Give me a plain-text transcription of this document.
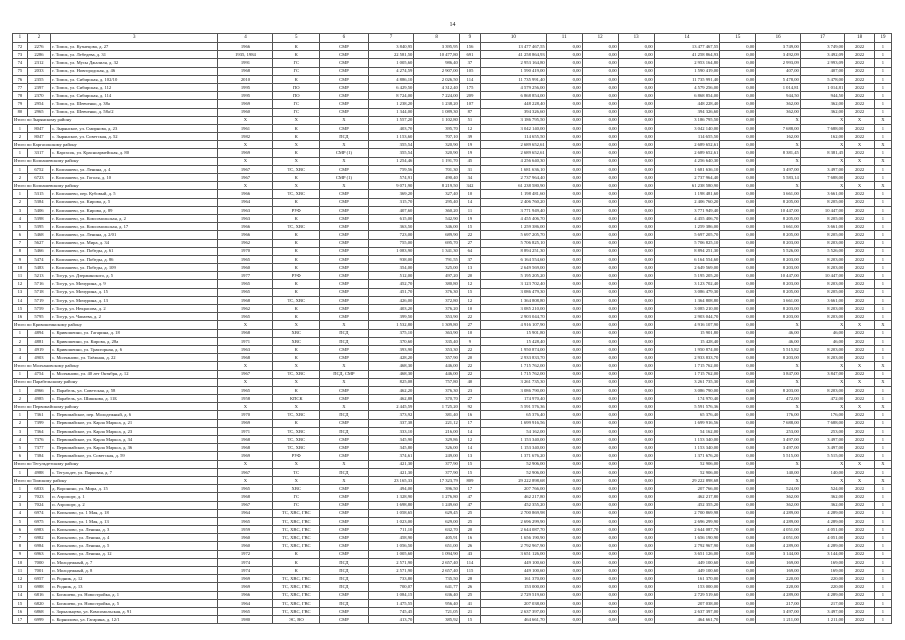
14
1	2	3	4	5	6	7	8	9	10	11	12	13	14	15	16	17	18	19
72	2276	г. Томск, ул. Кузнецова, д. 27	1966	К	СМР	3 840,95	3 395,95	156	13 477 467,55	0,00	0,00	0,00	13 477 467,55	0,00	3 749,00	3 749,00	2022	1
73	2286	г. Томск, ул. Лебедева, д. 31	1935, 1984	К	СМР	22 581,50	10 477,80	691	41 258 864,93	0,00	0,00	0,00	41 258 864,93	0,00	3 492,09	3 492,09	2022	1
74	2312	г. Томск, ул. Мусы Джалиля, д. 32	1991	ГС	СМР	1 005,60	986,40	37	2 953 164,80	0,00	0,00	0,00	2 953 164,80	0,00	2 993,09	2 993,09	2022	1
75	2033	г. Томск, ул. Новгородская, д. 46	1968	ГС	СМР	4 274,59	2 907,00	105	1 590 419,00	0,00	0,00	0,00	1 590 419,00	0,00	407,00	407,00	2022	1
76	2355	г. Томск, ул. Сибирская, д. 102/10	2010	К	СМР	4 886,10	2 026,50	114	11 735 991,40	0,00	0,00	0,00	11 735 991,40	0,00	5 478,00	5 478,00	2022	1
77	2397	г. Томск, ул. Сибирская, д. 112	1995	ПО	СМР	6 429,50	4 312,40	175	4 579 256,00	0,00	0,00	0,00	4 579 256,00	0,00	1 014,81	1 014,81	2022	1
78	2370	г. Томск, ул. Сибирская, д. 114	1995	ПО	СМР	8 724,00	7 224,00	209	6 868 854,00	0,00	0,00	0,00	6 868 854,00	0,00	944,50	944,50	2022	1
79	2954	г. Томск, ул. Шевченко, д. 38а	1969	ГС	СМР	1 238,20	1 238,20	107	448 228,40	0,00	0,00	0,00	448 228,40	0,00	362,00	362,00	2022	1
80	2965	г. Томск, ул. Шевченко, д. 58а/2	1960	ГС	СМР	1 344,00	1 089,30	87	394 326,60	0,00	0,00	0,00	394 326,60	0,00	362,00	362,00	2022	1
Итого по Зырянскому району			Х	Х	Х	1 557,20	1 102,80	51	3 186 795,50	0,00	0,00	0,00	3 186 795,50	0,00	Х	Х	Х	Х
1	8047	с. Зырянское, ул. Смирнова, д. 23	1961	К	СМР	403,70	395,70	12	3 042 140,00	0,00	0,00	0,00	3 042 140,00	0,00	7 688,00	7 688,00	2022	1
2	8047	с. Зырянское, ул. Советская, д. 52	1982	К	ПСД	1 153,60	707,10	39	114 655,50	0,00	0,00	0,00	114 655,50	0,00	162,00	162,00	2022	1
Итого по Каргасокскому району			Х	Х	Х	355,54	320,90	19	2 689 652,61	0,00	0,00	0,00	2 689 652,61	0,00	Х	Х	Х	Х
1	3317	с. Каргасок, ул. Красноармейская, д. 80	1969	К	СМР (1)	355,54	320,90	19	2 689 652,61	0,00	0,00	0,00	2 689 652,61	0,00	8 381,45	8 381,45	2022	1
Итого по Колпашевскому району			Х	Х	Х	1 254,46	1 191,70	45	4 256 640,30	0,00	0,00	0,00	4 256 640,30	0,00	Х	Х	Х	Х
1	6752	г. Колпашево, ул. Ленина, д. 4	1967	ТС, ХВС	СМР	759,56	701,30	31	1 681 636,10	0,00	0,00	0,00	1 681 636,10	0,00	3 497,00	3 497,00	2022	1
2	6723	г. Колпашево, ул. Гоголя, д. 10	1967	К	СМР (1)	574,91	490,40	34	2 737 964,40	0,00	0,00	0,00	2 737 964,40	0,00	5 583,14	7 688,00	2022	1
Итого по Колпашевскому району			Х	Х	Х	9 071,90	8 219,50	342	61 238 580,90	0,00	0,00	0,00	61 238 580,90	0,00	Х	Х	Х	Х
1	5315	г. Колпашево, пер. Кубовый, д. 5	1966	ТС, ХВС	СМР	369,20	327,40	10	1 198 481,60	0,00	0,00	0,00	1 198 481,60	0,00	3 661,00	3 661,00	2022	1
2	5384	г. Колпашево, ул. Кирова, д. 5	1964	К	СМР	315,70	295,40	14	2 406 760,20	0,00	0,00	0,00	2 406 760,20	0,00	8 205,00	8 205,00	2022	1
3	5406	г. Колпашево, ул. Кирова, д. 89	1963	РУФ	СМР	407,60	360,20	11	3 771 949,40	0,00	0,00	0,00	3 771 949,40	0,00	10 447,00	10 447,00	2022	1
4	5398	г. Колпашево, ул. Комсомольская, д. 2	1963	К	СМР	615,00	542,90	19	4 455 406,70	0,00	0,00	0,00	4 455 406,70	0,00	8 205,00	8 205,00	2022	1
5	5395	г. Колпашево, ул. Комсомольская, д. 17	1966	ТС, ХВС	СМР	363,50	346,00	15	1 259 386,00	0,00	0,00	0,00	1 259 386,00	0,00	3 661,00	3 661,00	2022	1
6	5468	г. Колпашево, ул. Ленина, д. 2/01	1966	К	СМР	723,00	689,90	22	5 697 205,70	0,00	0,00	0,00	5 697 205,70	0,00	8 205,00	8 205,00	2022	1
7	5627	г. Колпашево, ул. Мира, д. 34	1962	К	СМР	755,00	695,70	27	5 706 825,10	0,00	0,00	0,00	5 706 825,10	0,00	8 203,00	8 203,00	2022	1
8	5466	г. Колпашево, ул. Победы, д. 61	1970	К	СМР	1 083,90	1 341,30	64	8 894 251,30	0,00	0,00	0,00	8 894 251,30	0,00	5 526,00	5 526,00	2022	1
9	5474	г. Колпашево, ул. Победы, д. 86	1965	К	СМР	938,00	791,55	37	6 164 554,60	0,00	0,00	0,00	6 164 554,60	0,00	8 203,00	8 203,00	2022	1
10	5483	г. Колпашево, ул. Победы, д. 109	1960	К	СМР	354,00	325,00	13	2 649 569,00	0,00	0,00	0,00	2 649 569,00	0,00	8 203,00	8 203,00	2022	1
11	5213	г. Тогур, ул. Дзержинского, д. 5	1977	РУФ	СМР	512,00	497,20	20	5 195 205,20	0,00	0,00	0,00	5 195 205,20	0,00	10 447,00	10 447,00	2022	1
12	5716	г. Тогур, ул. Мичурина, д. 9	1965	К	СМР	452,70	380,80	12	3 123 702,40	0,00	0,00	0,00	3 123 702,40	0,00	8 203,00	8 203,00	2022	1
13	5718	г. Тогур, ул. Мичурина, д. 15	1965	К	СМР	451,70	376,30	15	3 086 479,30	0,00	0,00	0,00	3 086 479,30	0,00	8 205,00	8 205,00	2022	1
14	5719	г. Тогур, ул. Мичурина, д. 13	1968	ТС, ХВС	СМР	426,00	372,80	12	1 364 808,80	0,00	0,00	0,00	1 364 808,80	0,00	3 661,00	3 661,00	2022	1
15	5759	г. Тогур, ул. Некрасова, д. 2	1962	К	СМР	403,20	376,20	10	3 085 210,00	0,00	0,00	0,00	3 085 210,00	0,00	8 203,00	8 203,00	2022	1
16	5795	г. Тогур, ул. Чапаева, д. 2	1965	К	СМР	399,50	353,90	22	2 903 044,70	0,00	0,00	0,00	2 903 044,70	0,00	8 203,00	8 203,00	2022	1
Итого по Кривошеинскому району			Х	Х	Х	1 532,80	1 309,80	27	4 916 107,90	0,00	0,00	0,00	4 916 107,90	0,00	Х	Х	Х	Х
1	4894	с. Кривошеино, ул. Гагарина, д. 18	1968	ХВС	ПСД	375,10	363,90	10	15 901,80	0,00	0,00	0,00	15 901,80	0,00	46,00	46,00	2022	1
2	4881	с. Кривошеино, ул. Кирова, д. 28а	1971	ХВС	ПСД	370,60	335,40	9	15 428,40	0,00	0,00	0,00	15 428,40	0,00	46,00	46,00	2022	1
3	4919	с. Кривошеино, ул. Тракторная, д. 6	1963	К	СМР	393,90	353,30	22	1 950 874,00	0,00	0,00	0,00	1 950 874,00	0,00	5 515,82	8 203,00	2022	1
4	4903	с. Молчаново, ул. Таёжная, д. 22	1968	К	СМР	428,20	357,90	20	2 933 833,70	0,00	0,00	0,00	2 933 833,70	0,00	8 203,00	8 203,00	2022	1
Итого по Молчановскому району			Х	Х	Х	468,30	446,00	22	1 715 762,00	0,00	0,00	0,00	1 715 762,00	0,00	Х	Х	Х	Х
1	4754	с. Молчаново, ул. 40 лет Октября, д. 12	1967	ТС, ХВС	ПСД, СМР	468,30	446,00	22	1 715 762,00	0,00	0,00	0,00	1 715 762,00	0,00	3 847,00	3 847,00	2022	1
Итого по Парабельскому району			Х	Х	Х	825,08	757,80	40	3 261 735,30	0,00	0,00	0,00	3 261 735,30	0,00	Х	Х	Х	Х
1	4966	с. Парабель, ул. Советская, д. 58	1965	К	СМР	462,20	376,30	23	3 086 790,00	0,00	0,00	0,00	3 086 790,00	0,00	8 203,00	8 203,00	2022	1
2	4985	с. Парабель, ул. Шишкова, д. 11Б	1958	КПСК	СМР	462,88	370,70	27	174 970,40	0,00	0,00	0,00	174 970,40	0,00	472,00	472,00	2022	1
Итого по Первомайскому району			Х	Х	Х	2 445,59	1 725,20	92	5 591 576,36	0,00	0,00	0,00	5 591 576,36	0,00	Х	Х	Х	Х
1	7361	с. Первомайское, пер. Молодежный, д. 6	1970	ТС, ХВС	ПСД	373,92	381,40	16	65 376,40	0,00	0,00	0,00	65 376,40	0,00	176,00	176,00	2022	1
2	7399	с. Первомайское, ул. Карла Маркса, д. 21	1969	К	СМР	337,38	221,12	17	1 699 916,56	0,00	0,00	0,00	1 699 916,56	0,00	7 688,00	7 688,00	2022	1
3	7364	с. Первомайское, ул. Карла Маркса, д. 23	1971	ТС, ХВС	ПСД	333,10	216,00	14	54 162,00	0,00	0,00	0,00	54 162,00	0,00	253,00	253,00	2022	1
4	7376	с. Первомайское, ул. Карла Маркса, д. 34	1968	ТС, ХВС	СМР	345,90	329,86	12	1 153 340,00	0,00	0,00	0,00	1 153 340,00	0,00	3 497,00	3 497,00	2022	1
5	7377	с. Первомайское, ул. Карла Маркса, д. 36	1968	ТС, ХВС	СМР	345,80	326,00	14	1 153 340,00	0,00	0,00	0,00	1 153 340,00	0,00	3 497,00	3 497,00	2022	1
6	7384	с. Первомайское, ул. Советская, д. 59	1969	РУФ	СМР	374,61	249,00	13	1 371 676,20	0,00	0,00	0,00	1 371 676,20	0,00	5 515,00	5 515,00	2022	1
Итого по Тегульдетскому району			Х	Х	Х	421,30	377,90	15	52 906,00	0,00	0,00	0,00	52 906,00	0,00	Х	Х	Х	Х
1	4988	с. Тегульдет, ул. Парковая, д. 7	1967	ТС	ПСД	421,30	377,90	15	52 906,00	0,00	0,00	0,00	52 906,00	0,00	140,00	140,00	2022	1
Итого по Томскому району			Х	Х	Х	23 165,33	17 323,79	809	29 222 898,68	0,00	0,00	0,00	29 222 898,68	0,00	Х	Х	Х	Х
1	6833	д. Воронино, ул. Мира, д. 15	1965	ХВС	СМР	494,00	396,50	17	207 766,00	0,00	0,00	0,00	207 766,00	0,00	524,00	524,00	2022	1
2	7023	п. Аэропорт, д. 1	1968	ГС	СМР	1 328,90	1 276,80	47	462 217,80	0,00	0,00	0,00	462 217,80	0,00	362,00	362,00	2022	1
3	7024	п. Аэропорт, д. 2	1967	ГС	СМР	1 698,80	1 249,60	47	452 355,20	0,00	0,00	0,00	452 355,20	0,00	362,00	362,00	2022	1
4	6974	п. Копылово, ул. 1 Мая, д. 18	1964	ТС, ХВС, ГВС	СМР	1 058,65	629,45	25	2 700 869,98	0,00	0,00	0,00	2 700 869,98	0,00	4 289,00	4 289,00	2022	1
5	6975	п. Копылово, ул. 1 Мая, д. 13	1965	ТС, ХВС, ГВС	СМР	1 023,00	629,00	25	2 696 299,90	0,00	0,00	0,00	2 696 299,90	0,00	4 289,00	4 289,00	2022	1
6	6983	п. Копылово, ул. Ленина, д. 3	1959	ТС, ХВС, ГВС	СМР	711,10	632,70	20	2 644 087,70	0,00	0,00	0,00	2 644 087,70	0,00	4 051,00	4 051,00	2022	1
7	6982	п. Копылово, ул. Ленина, д. 4	1960	ТС, ХВС, ГВС	СМР	458,90	405,91	16	1 656 190,90	0,00	0,00	0,00	1 656 190,90	0,00	4 051,00	4 051,00	2022	1
8	6984	п. Копылово, ул. Ленина, д. 5	1960	ТС, ХВС, ГВС	СМР	1 056,50	651,00	26	2 792 967,90	0,00	0,00	0,00	2 792 967,90	0,00	4 289,00	4 289,00	2022	1
9	6963	п. Копылово, ул. Ленина, д. 12	1972	К	СМР	1 005,60	1 094,90	43	3 651 126,00	0,00	0,00	0,00	3 651 126,00	0,00	3 144,00	3 144,00	2022	1
10	7000	п. Молодежный, д. 7	1974	К	ПСД	2 571,90	2 657,40	114	449 100,60	0,00	0,00	0,00	449 100,60	0,00	169,00	169,00	2022	1
11	7001	п. Молодежный, д. 8	1974	К	ПСД	2 571,90	2 657,40	115	449 100,60	0,00	0,00	0,00	449 100,60	0,00	169,00	169,00	2022	1
12	6957	п. Родник, д. 12	1969	ТС, ХВС, ГВС	ПСД	733,80	735,50	28	161 370,00	0,00	0,00	0,00	161 370,00	0,00	220,00	220,00	2022	1
13	6988	п. Родник, д. 13	1969	ТС, ХВС, ГВС	ПСД	700,07	641,77	26	153 000,00	0,00	0,00	0,00	153 000,00	0,00	220,00	220,00	2022	1
14	6816	с. Богашево, ул. Новостройка, д. 1	1966	ТС, ХВС, ГВС	СМР	1 084,15	636,40	25	2 729 519,60	0,00	0,00	0,00	2 729 519,60	0,00	4 289,00	4 289,00	2022	1
15	6820	с. Богашево, ул. Новостройка, д. 5	1964	ТС, ХВС, ГВС	ПСД	1 475,55	956,40	41	207 038,00	0,00	0,00	0,00	207 038,00	0,00	217,00	217,00	2022	1
16	6868	с. Зоркальцево, ул. Комсомольская, д. 91	1965	ТС, ХВС, ГВС	СМР	745,45	721,05	21	2 637 397,00	0,00	0,00	0,00	2 637 397,00	0,00	3 497,00	3 497,00	2022	1
17	6999	с. Корнилово, ул. Гагарина, д. 12/1	1980	ЭС, ВО	СМР	413,70	385,92	15	464 661,70	0,00	0,00	0,00	464 661,70	0,00	1 211,00	1 211,00	2022	1
